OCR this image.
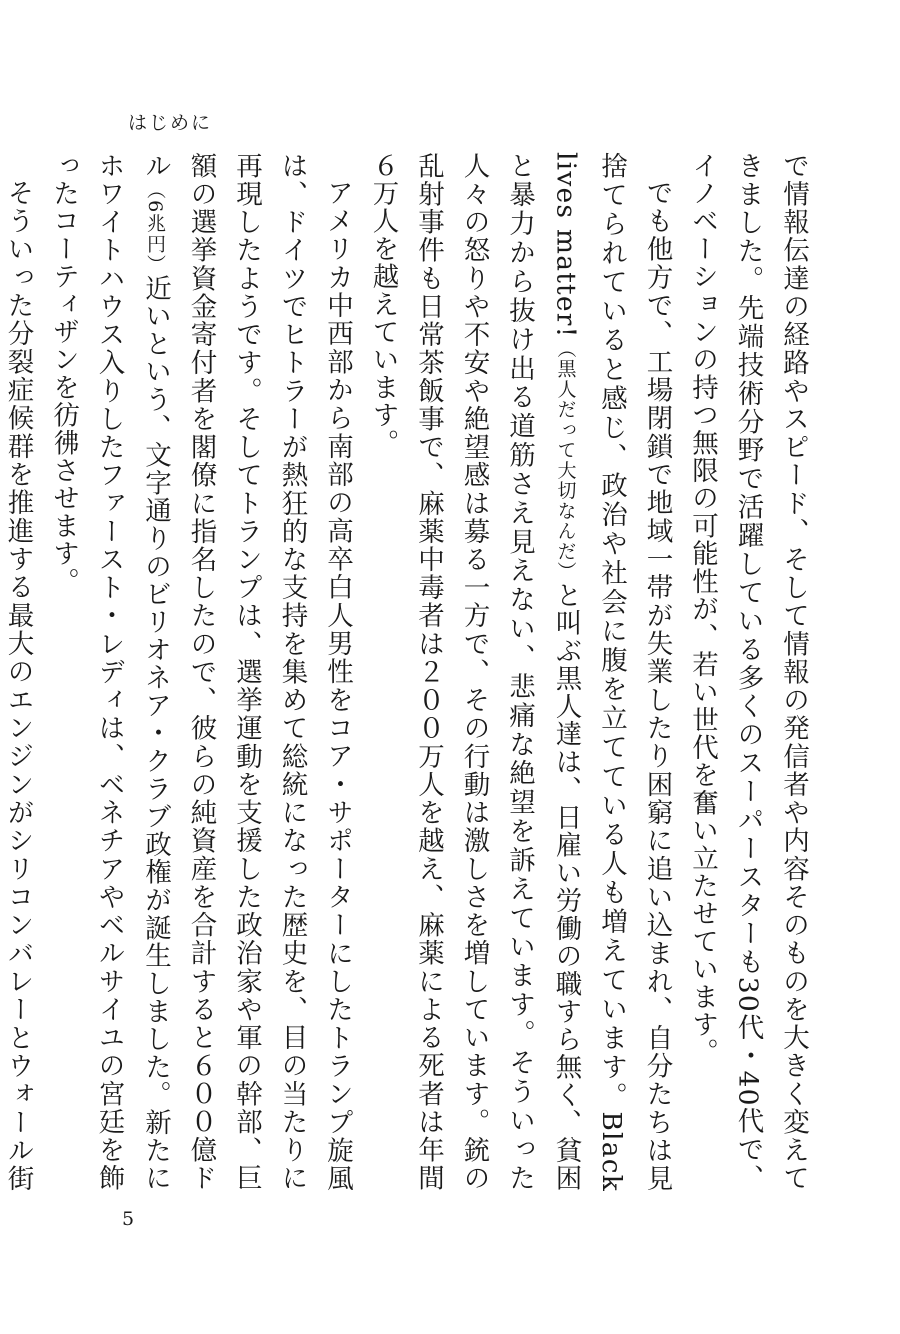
はじめに

で情報伝達の経路やスピード、そして情報の発信者や内容そのものを大きく変えてきました。先端技術分野で活躍している多くのスーパースターも30代・40代で、イノベーションの持つ無限の可能性が、若い世代を奮い立たせています。

でも他方で、工場閉鎖で地域一帯が失業したり困窮に追い込まれ、自分たちは見捨てられていると感じ、政治や社会に腹を立てている人も増えています。Black lives matter!（黒人だって大切なんだ）と叫ぶ黒人達は、日雇い労働の職すら無く、貧困と暴力から抜け出る道筋さえ見えない、悲痛な絶望を訴えています。そういった人々の怒りや不安や絶望感は募る一方で、その行動は激しさを増しています。銃の乱射事件も日常茶飯事で、麻薬中毒者は２００万人を越え、麻薬による死者は年間６万人を越えています。

アメリカ中西部から南部の高卒白人男性をコア・サポーターにしたトランプ旋風は、ドイツでヒトラーが熱狂的な支持を集めて総統になった歴史を、目の当たりに再現したようです。そしてトランプは、選挙運動を支援した政治家や軍の幹部、巨額の選挙資金寄付者を閣僚に指名したので、彼らの純資産を合計すると６００億ドル（6兆円）近いという、文字通りのビリオネア・クラブ政権が誕生しました。新たにホワイトハウス入りしたファースト・レディは、ベネチアやベルサイユの宮廷を飾ったコーティザンを彷彿させます。

そういった分裂症候群を推進する最大のエンジンがシリコンバレーとウォール街

5
